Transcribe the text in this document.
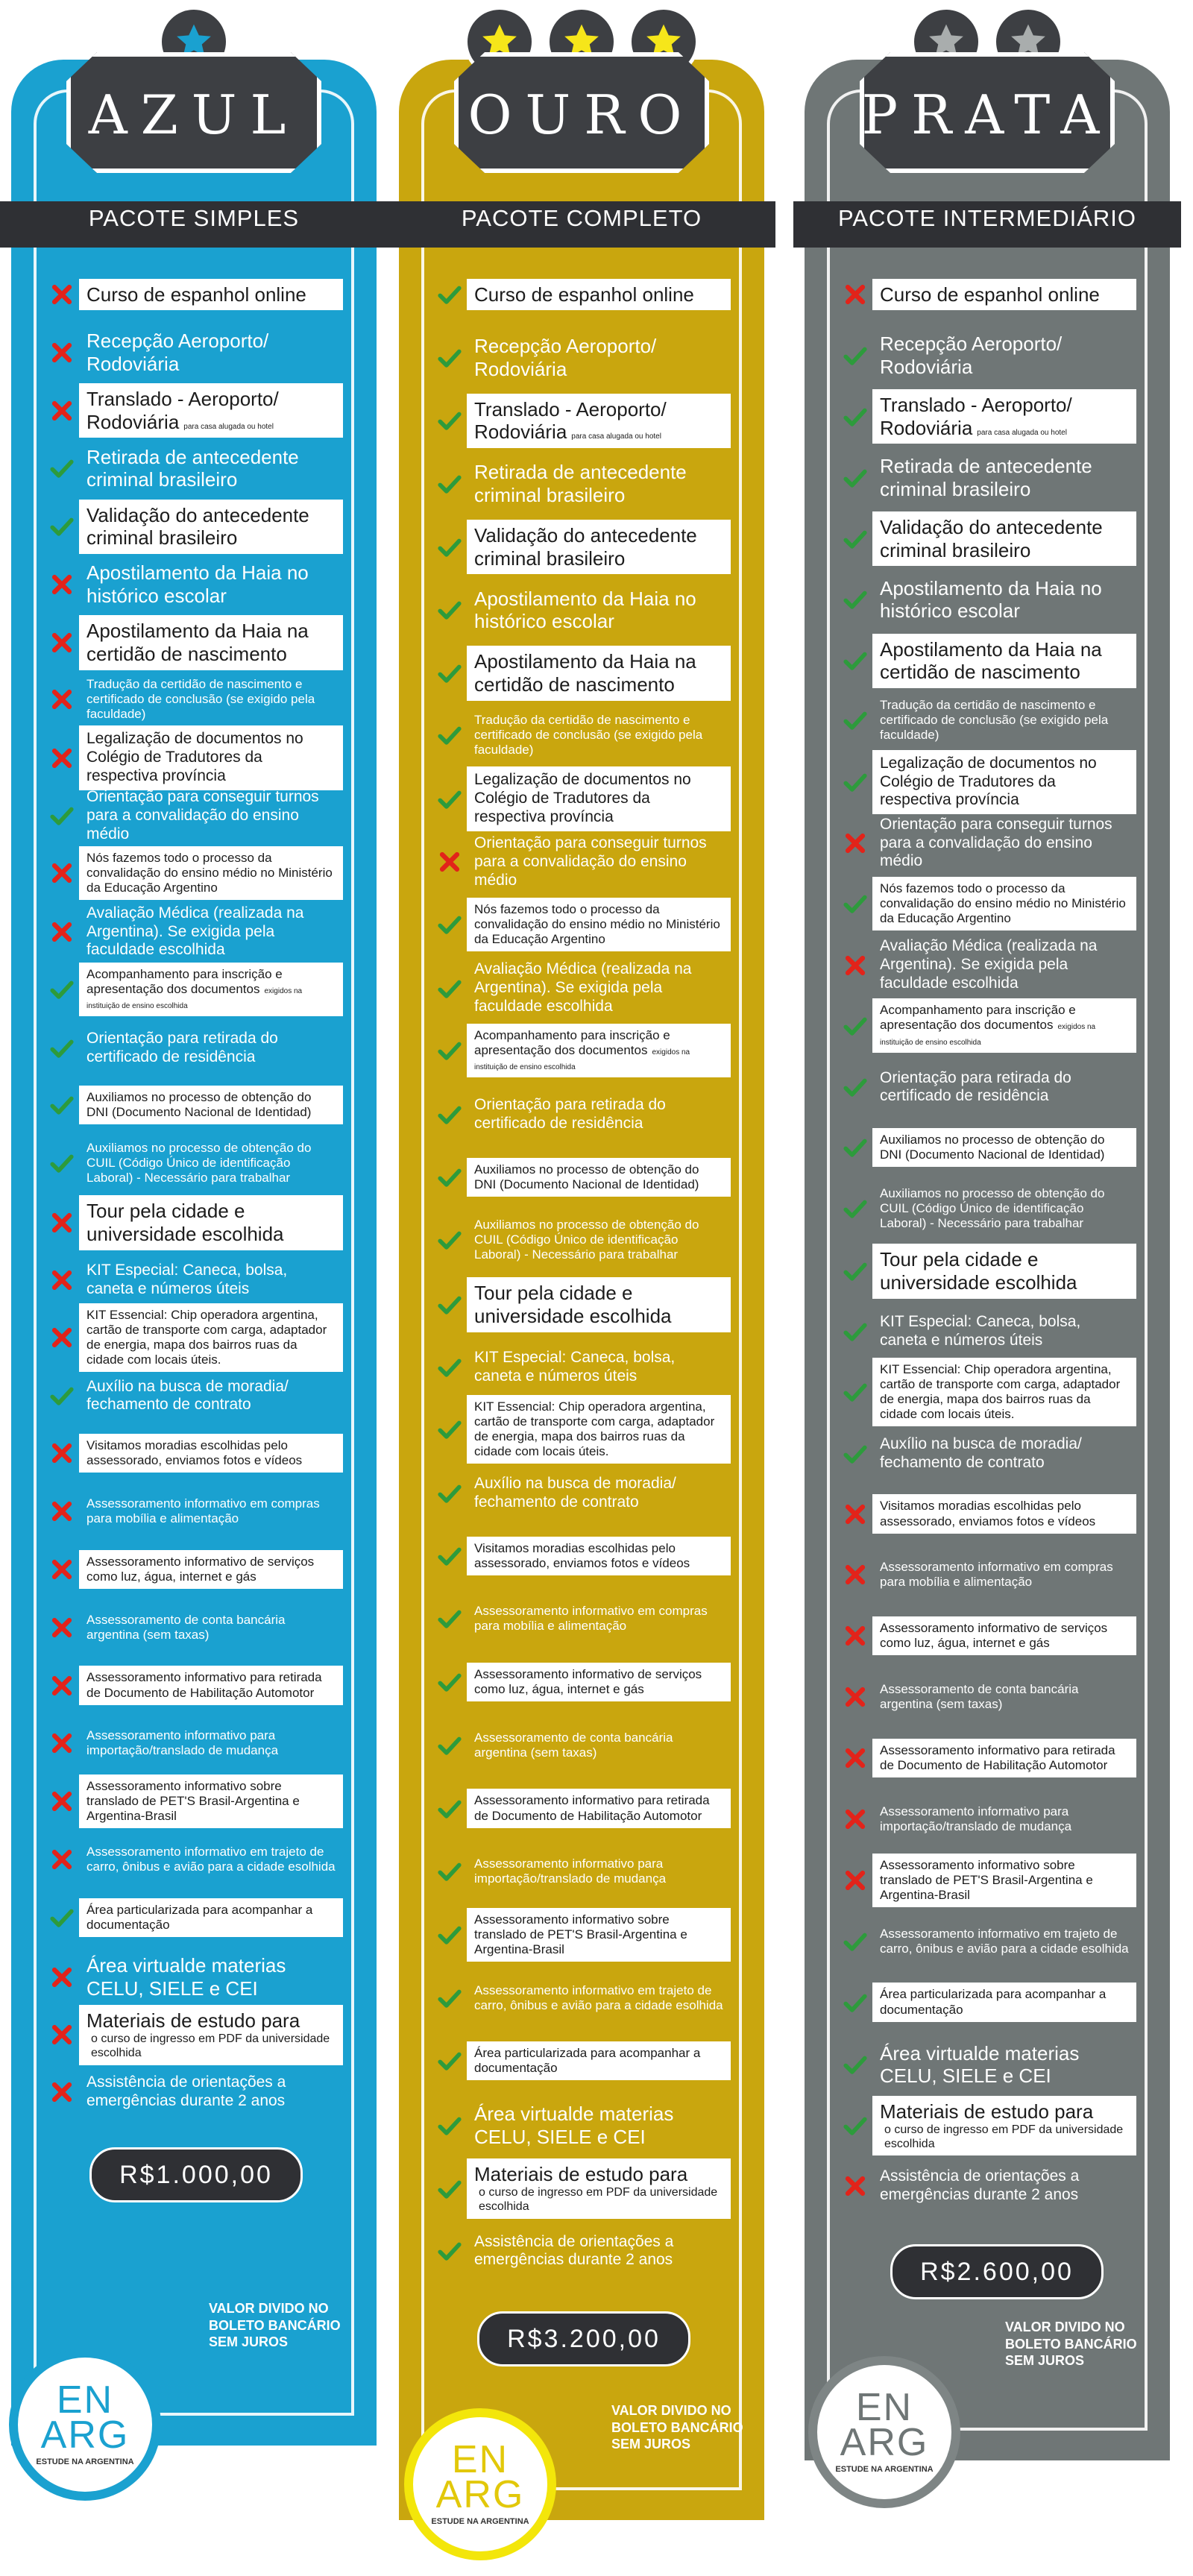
AZUL
PACOTE SIMPLES
Curso de espanhol online
Recepção Aeroporto/ Rodoviária
Translado - Aeroporto/ Rodoviária para casa alugada ou hotel
Retirada de antecedente criminal brasileiro
Validação do antecedente criminal brasileiro
Apostilamento da Haia no histórico escolar
Apostilamento da Haia na certidão de nascimento
Tradução da certidão de nascimento e certificado de conclusão (se exigido pela faculdade)
Legalização de documentos no Colégio de Tradutores da respectiva província
Orientação para conseguir turnos para a convalidação do ensino médio
Nós fazemos todo o processo da convalidação do ensino médio no Ministério da Educação Argentino
Avaliação Médica (realizada na Argentina). Se exigida pela faculdade escolhida
Acompanhamento para inscrição e apresentação dos documentos exigidos na instituição de ensino escolhida
Orientação para retirada do certificado de residência
Auxiliamos no processo de obtenção do DNI (Documento Nacional de Identidad)
Auxiliamos no processo de obtenção do CUIL (Código Único de identificação Laboral) - Necessário para trabalhar
Tour pela cidade e universidade escolhida
KIT Especial: Caneca, bolsa, caneta e números úteis
KIT Essencial: Chip operadora argentina, cartão de transporte com carga, adaptador de energia, mapa dos bairros ruas da cidade com locais úteis.
Auxílio na busca de moradia/ fechamento de contrato
Visitamos moradias escolhidas pelo assessorado, enviamos fotos e vídeos
Assessoramento informativo em compras para mobília e alimentação
Assessoramento informativo de serviços como luz, água, internet e gás
Assessoramento de conta bancária argentina (sem taxas)
Assessoramento informativo para retirada de Documento de Habilitação Automotor
Assessoramento informativo para importação/translado de mudança
Assessoramento informativo sobre translado de PET'S Brasil-Argentina e Argentina-Brasil
Assessoramento informativo em trajeto de carro, ônibus e avião para a cidade esolhida
Área particularizada para acompanhar a documentação
Área virtualde materias CELU, SIELE e CEI
Materiais de estudo para
o curso de ingresso em PDF da universidade escolhida
Assistência de orientações a emergências durante 2 anos
R$1.000,00
VALOR DIVIDO NO BOLETO BANCÁRIO SEM JUROS
EN
ARG
ESTUDE NA ARGENTINA
OURO
PACOTE COMPLETO
Curso de espanhol online
Recepção Aeroporto/ Rodoviária
Translado - Aeroporto/ Rodoviária para casa alugada ou hotel
Retirada de antecedente criminal brasileiro
Validação do antecedente criminal brasileiro
Apostilamento da Haia no histórico escolar
Apostilamento da Haia na certidão de nascimento
Tradução da certidão de nascimento e certificado de conclusão (se exigido pela faculdade)
Legalização de documentos no Colégio de Tradutores da respectiva província
Orientação para conseguir turnos para a convalidação do ensino médio
Nós fazemos todo o processo da convalidação do ensino médio no Ministério da Educação Argentino
Avaliação Médica (realizada na Argentina). Se exigida pela faculdade escolhida
Acompanhamento para inscrição e apresentação dos documentos exigidos na instituição de ensino escolhida
Orientação para retirada do certificado de residência
Auxiliamos no processo de obtenção do DNI (Documento Nacional de Identidad)
Auxiliamos no processo de obtenção do CUIL (Código Único de identificação Laboral) - Necessário para trabalhar
Tour pela cidade e universidade escolhida
KIT Especial: Caneca, bolsa, caneta e números úteis
KIT Essencial: Chip operadora argentina, cartão de transporte com carga, adaptador de energia, mapa dos bairros ruas da cidade com locais úteis.
Auxílio na busca de moradia/ fechamento de contrato
Visitamos moradias escolhidas pelo assessorado, enviamos fotos e vídeos
Assessoramento informativo em compras para mobília e alimentação
Assessoramento informativo de serviços como luz, água, internet e gás
Assessoramento de conta bancária argentina (sem taxas)
Assessoramento informativo para retirada de Documento de Habilitação Automotor
Assessoramento informativo para importação/translado de mudança
Assessoramento informativo sobre translado de PET'S Brasil-Argentina e Argentina-Brasil
Assessoramento informativo em trajeto de carro, ônibus e avião para a cidade esolhida
Área particularizada para acompanhar a documentação
Área virtualde materias CELU, SIELE e CEI
Materiais de estudo para
o curso de ingresso em PDF da universidade escolhida
Assistência de orientações a emergências durante 2 anos
R$3.200,00
VALOR DIVIDO NO BOLETO BANCÁRIO SEM JUROS
EN
ARG
ESTUDE NA ARGENTINA
PRATA
PACOTE INTERMEDIÁRIO
Curso de espanhol online
Recepção Aeroporto/ Rodoviária
Translado - Aeroporto/ Rodoviária para casa alugada ou hotel
Retirada de antecedente criminal brasileiro
Validação do antecedente criminal brasileiro
Apostilamento da Haia no histórico escolar
Apostilamento da Haia na certidão de nascimento
Tradução da certidão de nascimento e certificado de conclusão (se exigido pela faculdade)
Legalização de documentos no Colégio de Tradutores da respectiva província
Orientação para conseguir turnos para a convalidação do ensino médio
Nós fazemos todo o processo da convalidação do ensino médio no Ministério da Educação Argentino
Avaliação Médica (realizada na Argentina). Se exigida pela faculdade escolhida
Acompanhamento para inscrição e apresentação dos documentos exigidos na instituição de ensino escolhida
Orientação para retirada do certificado de residência
Auxiliamos no processo de obtenção do DNI (Documento Nacional de Identidad)
Auxiliamos no processo de obtenção do CUIL (Código Único de identificação Laboral) - Necessário para trabalhar
Tour pela cidade e universidade escolhida
KIT Especial: Caneca, bolsa, caneta e números úteis
KIT Essencial: Chip operadora argentina, cartão de transporte com carga, adaptador de energia, mapa dos bairros ruas da cidade com locais úteis.
Auxílio na busca de moradia/ fechamento de contrato
Visitamos moradias escolhidas pelo assessorado, enviamos fotos e vídeos
Assessoramento informativo em compras para mobília e alimentação
Assessoramento informativo de serviços como luz, água, internet e gás
Assessoramento de conta bancária argentina (sem taxas)
Assessoramento informativo para retirada de Documento de Habilitação Automotor
Assessoramento informativo para importação/translado de mudança
Assessoramento informativo sobre translado de PET'S Brasil-Argentina e Argentina-Brasil
Assessoramento informativo em trajeto de carro, ônibus e avião para a cidade esolhida
Área particularizada para acompanhar a documentação
Área virtualde materias CELU, SIELE e CEI
Materiais de estudo para
o curso de ingresso em PDF da universidade escolhida
Assistência de orientações a emergências durante 2 anos
R$2.600,00
VALOR DIVIDO NO BOLETO BANCÁRIO SEM JUROS
EN
ARG
ESTUDE NA ARGENTINA
